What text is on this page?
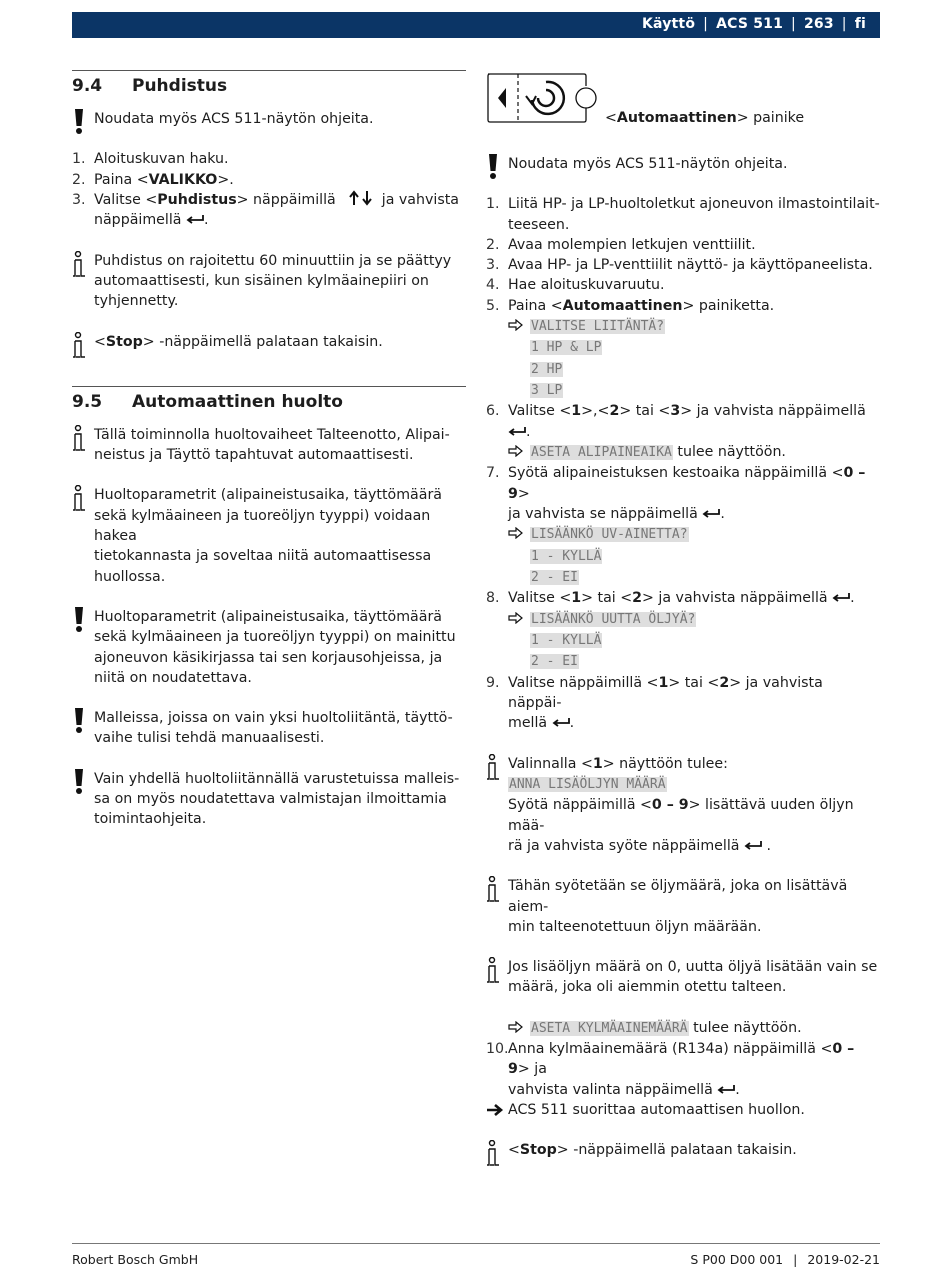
Käyttö | ACS 511 | 263 | fi
9.4	Puhdistus
Noudata myös ACS 511-näytön ohjeita.
1. Aloituskuvan haku.
2. Paina <VALIKKO>.
3. Valitse <Puhdistus> näppäimillä	ja vahvista
näppäimellä .
Puhdistus on rajoitettu 60 minuuttiin ja se päättyy automaattisesti, kun sisäinen kylmäainepiiri on tyhjennetty.
<Stop> -näppäimellä palataan takaisin.
9.5	Automaattinen huolto
Tällä toiminnolla huoltovaiheet Talteenotto, Alipai-
neistus ja Täyttö tapahtuvat automaattisesti.
Huoltoparametrit (alipaineistusaika, täyttömäärä
sekä kylmäaineen ja tuoreöljyn tyyppi) voidaan hakea
tietokannasta ja soveltaa niitä automaattisessa
huollossa.
Huoltoparametrit (alipaineistusaika, täyttömäärä
sekä kylmäaineen ja tuoreöljyn tyyppi) on mainittu
ajoneuvon käsikirjassa tai sen korjausohjeissa, ja
niitä on noudatettava.
Malleissa, joissa on vain yksi huoltoliitäntä, täyttö-
vaihe tulisi tehdä manuaalisesti.
Vain yhdellä huoltoliitännällä varustetuissa malleis-
sa on myös noudatettava valmistajan ilmoittamia
toimintaohjeita.
<Automaattinen> painike
Noudata myös ACS 511-näytön ohjeita.
1. Liitä HP- ja LP-huoltoletkut ajoneuvon ilmastointilait-
teeseen.
2. Avaa molempien letkujen venttiilit.
3. Avaa HP- ja LP-venttiilit näyttö- ja käyttöpaneelista.
4. Hae aloituskuvaruutu.
5. Paina <Automaattinen> painiketta.
VALITSE LIITÄNTÄ?
1 HP & LP
2 HP
3 LP
6. Valitse <1>,<2> tai <3> ja vahvista näppäimellä .
ASETA ALIPAINEAIKA tulee näyttöön.
7. Syötä alipaineistuksen kestoaika näppäimillä <0 – 9>
ja vahvista se näppäimellä .
LISÄÄNKÖ UV-AINETTA?
1 - KYLLÄ
2 - EI
8. Valitse <1> tai <2> ja vahvista näppäimellä .
LISÄÄNKÖ UUTTA ÖLJYÄ?
1 - KYLLÄ
2 - EI
9. Valitse näppäimillä <1> tai <2> ja vahvista näppäi-
mellä .
Valinnalla <1> näyttöön tulee:
ANNA LISÄÖLJYN MÄÄRÄ
Syötä näppäimillä <0 – 9> lisättävä uuden öljyn mää-
rä ja vahvista syöte näppäimellä  .
Tähän syötetään se öljymäärä, joka on lisättävä aiem-
min talteenotettuun öljyn määrään.
Jos lisäöljyn määrä on 0, uutta öljyä lisätään vain se
määrä, joka oli aiemmin otettu talteen.
ASETA KYLMÄAINEMÄÄRÄ tulee näyttöön.
10. Anna kylmäainemäärä (R134a) näppäimillä <0 – 9> ja
vahvista valinta näppäimellä .
ACS 511 suorittaa automaattisen huollon.
<Stop> -näppäimellä palataan takaisin.
Robert Bosch GmbH	S P00 D00 001 | 2019-02-21
